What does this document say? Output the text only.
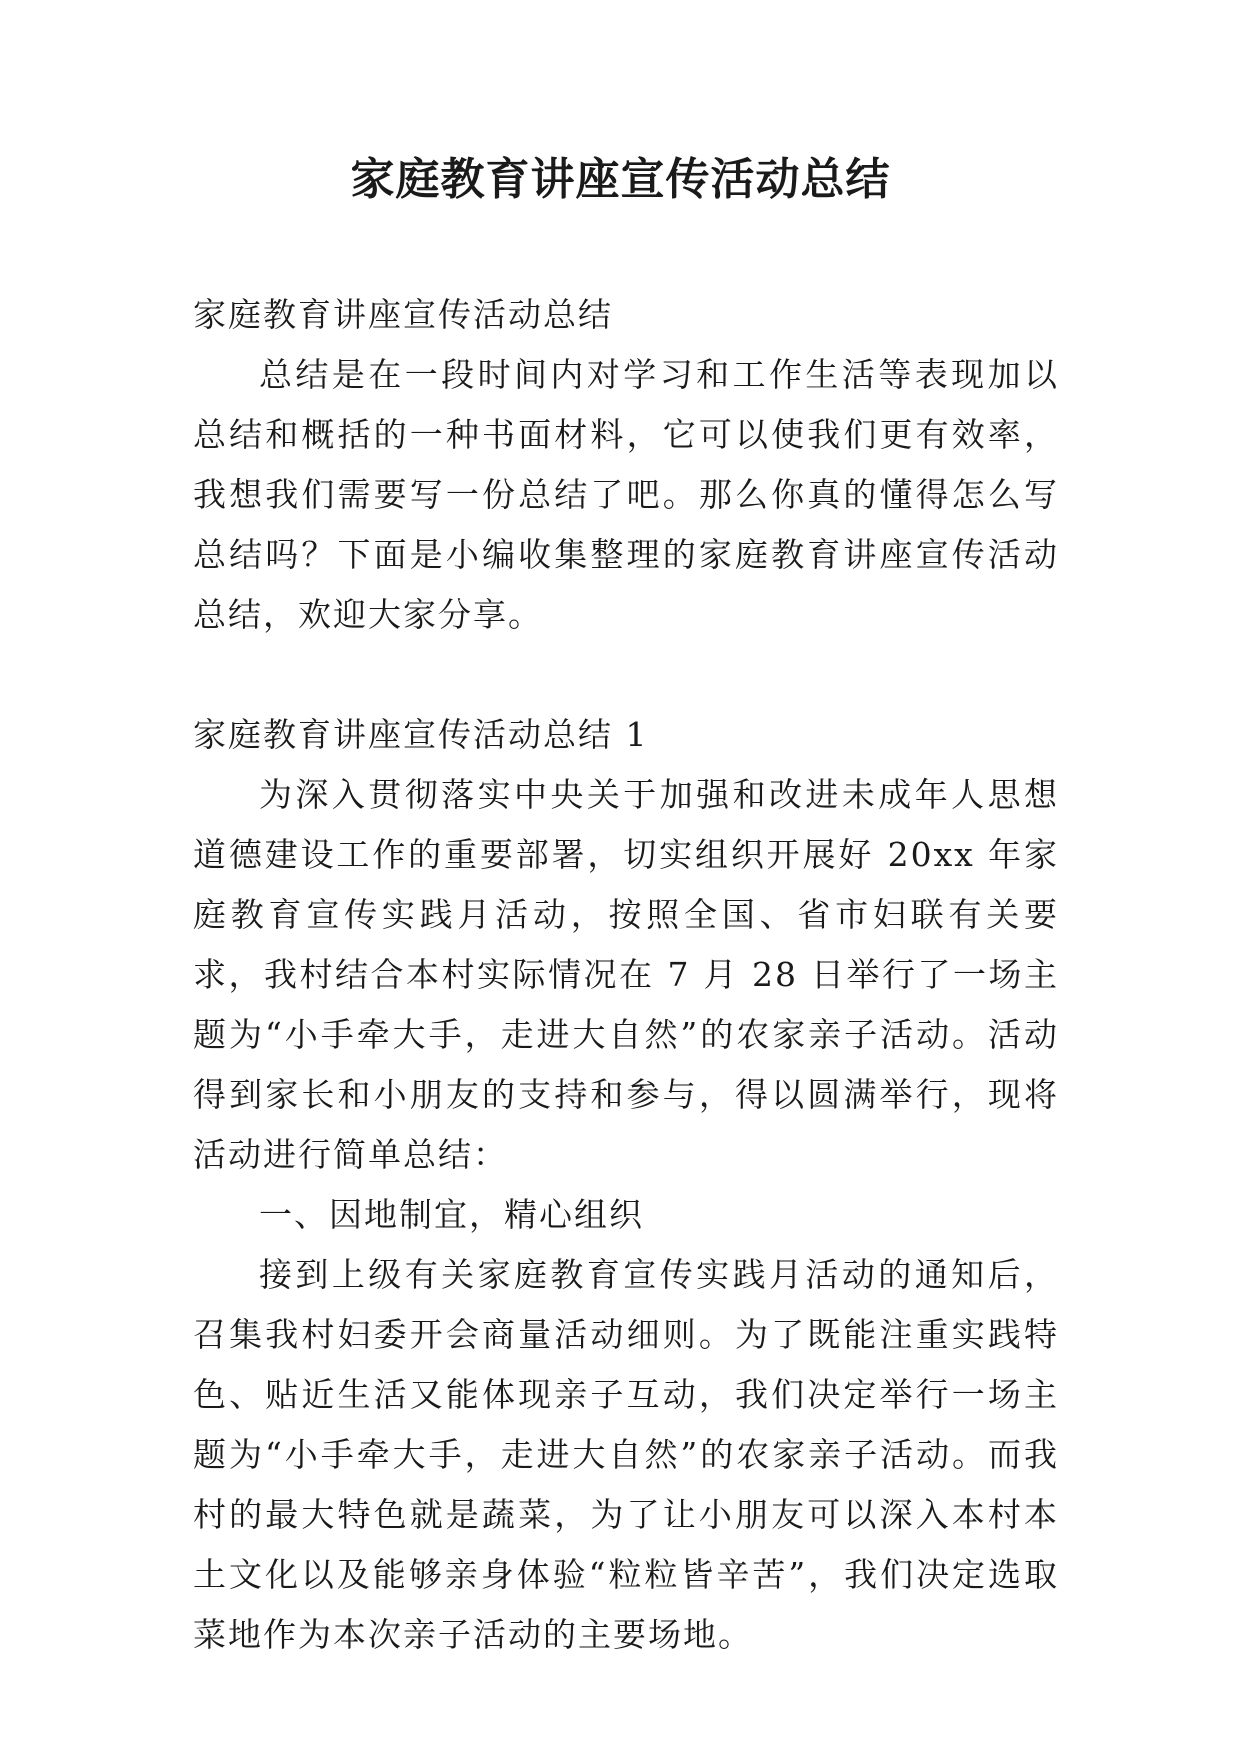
家庭教育讲座宣传活动总结

家庭教育讲座宣传活动总结

总结是在一段时间内对学习和工作生活等表现加以总结和概括的一种书面材料，它可以使我们更有效率，我想我们需要写一份总结了吧。那么你真的懂得怎么写总结吗？下面是小编收集整理的家庭教育讲座宣传活动总结，欢迎大家分享。

家庭教育讲座宣传活动总结 1

为深入贯彻落实中央关于加强和改进未成年人思想道德建设工作的重要部署，切实组织开展好 20xx 年家庭教育宣传实践月活动，按照全国、省市妇联有关要求，我村结合本村实际情况在 7 月 28 日举行了一场主题为“小手牵大手，走进大自然”的农家亲子活动。活动得到家长和小朋友的支持和参与，得以圆满举行，现将活动进行简单总结：

一、因地制宜，精心组织

接到上级有关家庭教育宣传实践月活动的通知后，召集我村妇委开会商量活动细则。为了既能注重实践特色、贴近生活又能体现亲子互动，我们决定举行一场主题为“小手牵大手，走进大自然”的农家亲子活动。而我村的最大特色就是蔬菜，为了让小朋友可以深入本村本土文化以及能够亲身体验“粒粒皆辛苦”，我们决定选取菜地作为本次亲子活动的主要场地。
